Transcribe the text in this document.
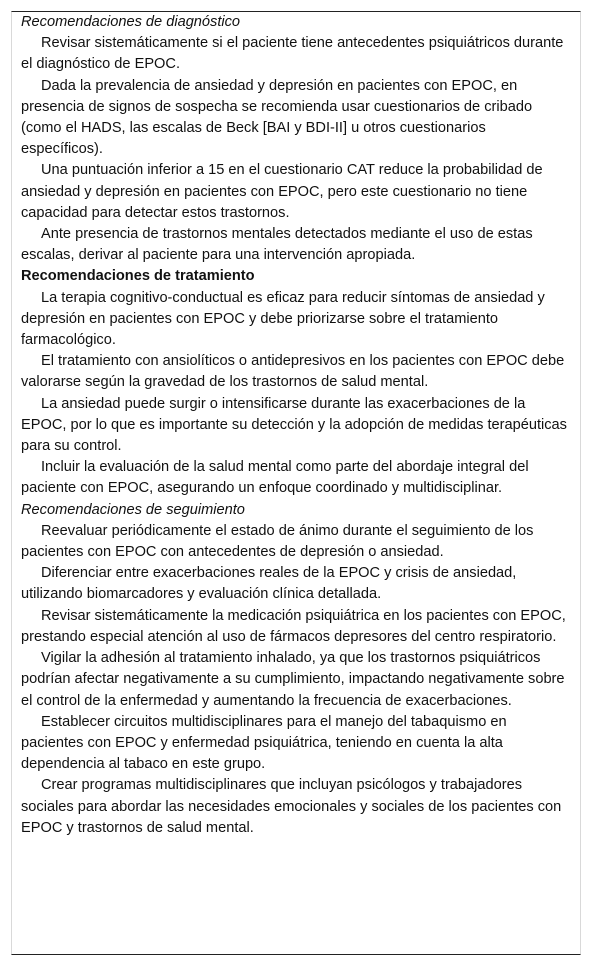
Recomendaciones de diagnóstico

Revisar sistemáticamente si el paciente tiene antecedentes psiquiátricos durante el diagnóstico de EPOC.

Dada la prevalencia de ansiedad y depresión en pacientes con EPOC, en presencia de signos de sospecha se recomienda usar cuestionarios de cribado (como el HADS, las escalas de Beck [BAI y BDI-II] u otros cuestionarios específicos).

Una puntuación inferior a 15 en el cuestionario CAT reduce la probabilidad de ansiedad y depresión en pacientes con EPOC, pero este cuestionario no tiene capacidad para detectar estos trastornos.

Ante presencia de trastornos mentales detectados mediante el uso de estas escalas, derivar al paciente para una intervención apropiada.

Recomendaciones de tratamiento

La terapia cognitivo-conductual es eficaz para reducir síntomas de ansiedad y depresión en pacientes con EPOC y debe priorizarse sobre el tratamiento farmacológico.

El tratamiento con ansiolíticos o antidepresivos en los pacientes con EPOC debe valorarse según la gravedad de los trastornos de salud mental.

La ansiedad puede surgir o intensificarse durante las exacerbaciones de la EPOC, por lo que es importante su detección y la adopción de medidas terapéuticas para su control.

Incluir la evaluación de la salud mental como parte del abordaje integral del paciente con EPOC, asegurando un enfoque coordinado y multidisciplinar.

Recomendaciones de seguimiento

Reevaluar periódicamente el estado de ánimo durante el seguimiento de los pacientes con EPOC con antecedentes de depresión o ansiedad.

Diferenciar entre exacerbaciones reales de la EPOC y crisis de ansiedad, utilizando biomarcadores y evaluación clínica detallada.

Revisar sistemáticamente la medicación psiquiátrica en los pacientes con EPOC, prestando especial atención al uso de fármacos depresores del centro respiratorio.

Vigilar la adhesión al tratamiento inhalado, ya que los trastornos psiquiátricos podrían afectar negativamente a su cumplimiento, impactando negativamente sobre el control de la enfermedad y aumentando la frecuencia de exacerbaciones.

Establecer circuitos multidisciplinares para el manejo del tabaquismo en pacientes con EPOC y enfermedad psiquiátrica, teniendo en cuenta la alta dependencia al tabaco en este grupo.

Crear programas multidisciplinares que incluyan psicólogos y trabajadores sociales para abordar las necesidades emocionales y sociales de los pacientes con EPOC y trastornos de salud mental.
